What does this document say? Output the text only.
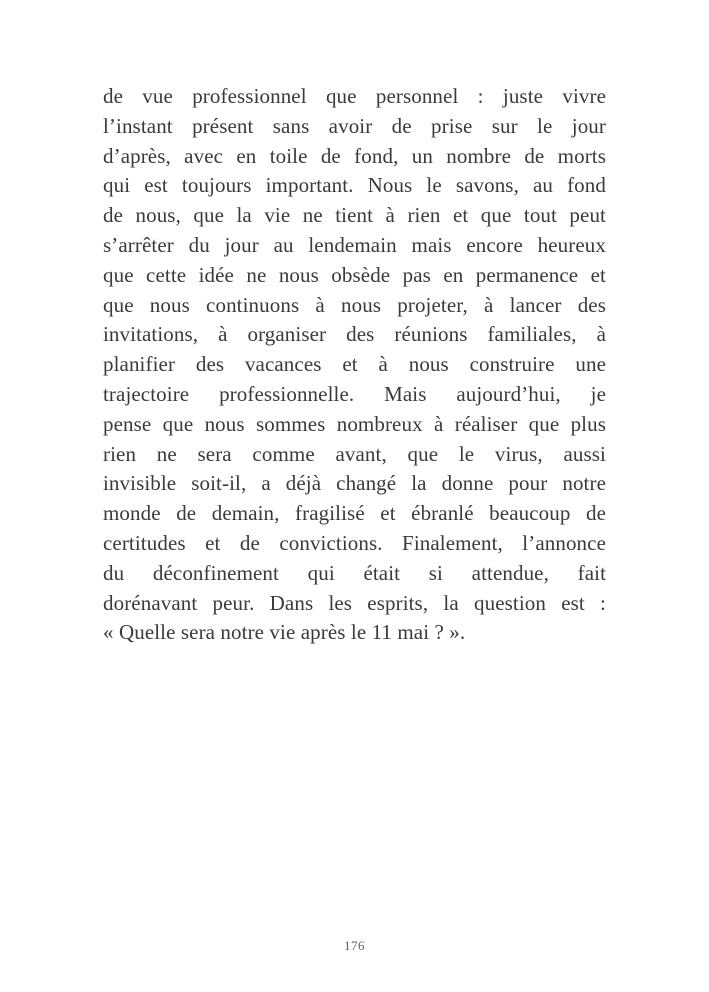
de vue professionnel que personnel : juste vivre
l’instant présent sans avoir de prise sur le jour
d’après, avec en toile de fond, un nombre de morts
qui est toujours important. Nous le savons, au fond
de nous, que la vie ne tient à rien et que tout peut
s’arrêter du jour au lendemain mais encore heureux
que cette idée ne nous obsède pas en permanence et
que nous continuons à nous projeter, à lancer des
invitations, à organiser des réunions familiales, à
planifier des vacances et à nous construire une
trajectoire professionnelle. Mais aujourd’hui, je
pense que nous sommes nombreux à réaliser que plus
rien ne sera comme avant, que le virus, aussi
invisible soit-il, a déjà changé la donne pour notre
monde de demain, fragilisé et ébranlé beaucoup de
certitudes et de convictions. Finalement, l’annonce
du déconfinement qui était si attendue, fait
dorénavant peur. Dans les esprits, la question est :
« Quelle sera notre vie après le 11 mai ? ».
176
